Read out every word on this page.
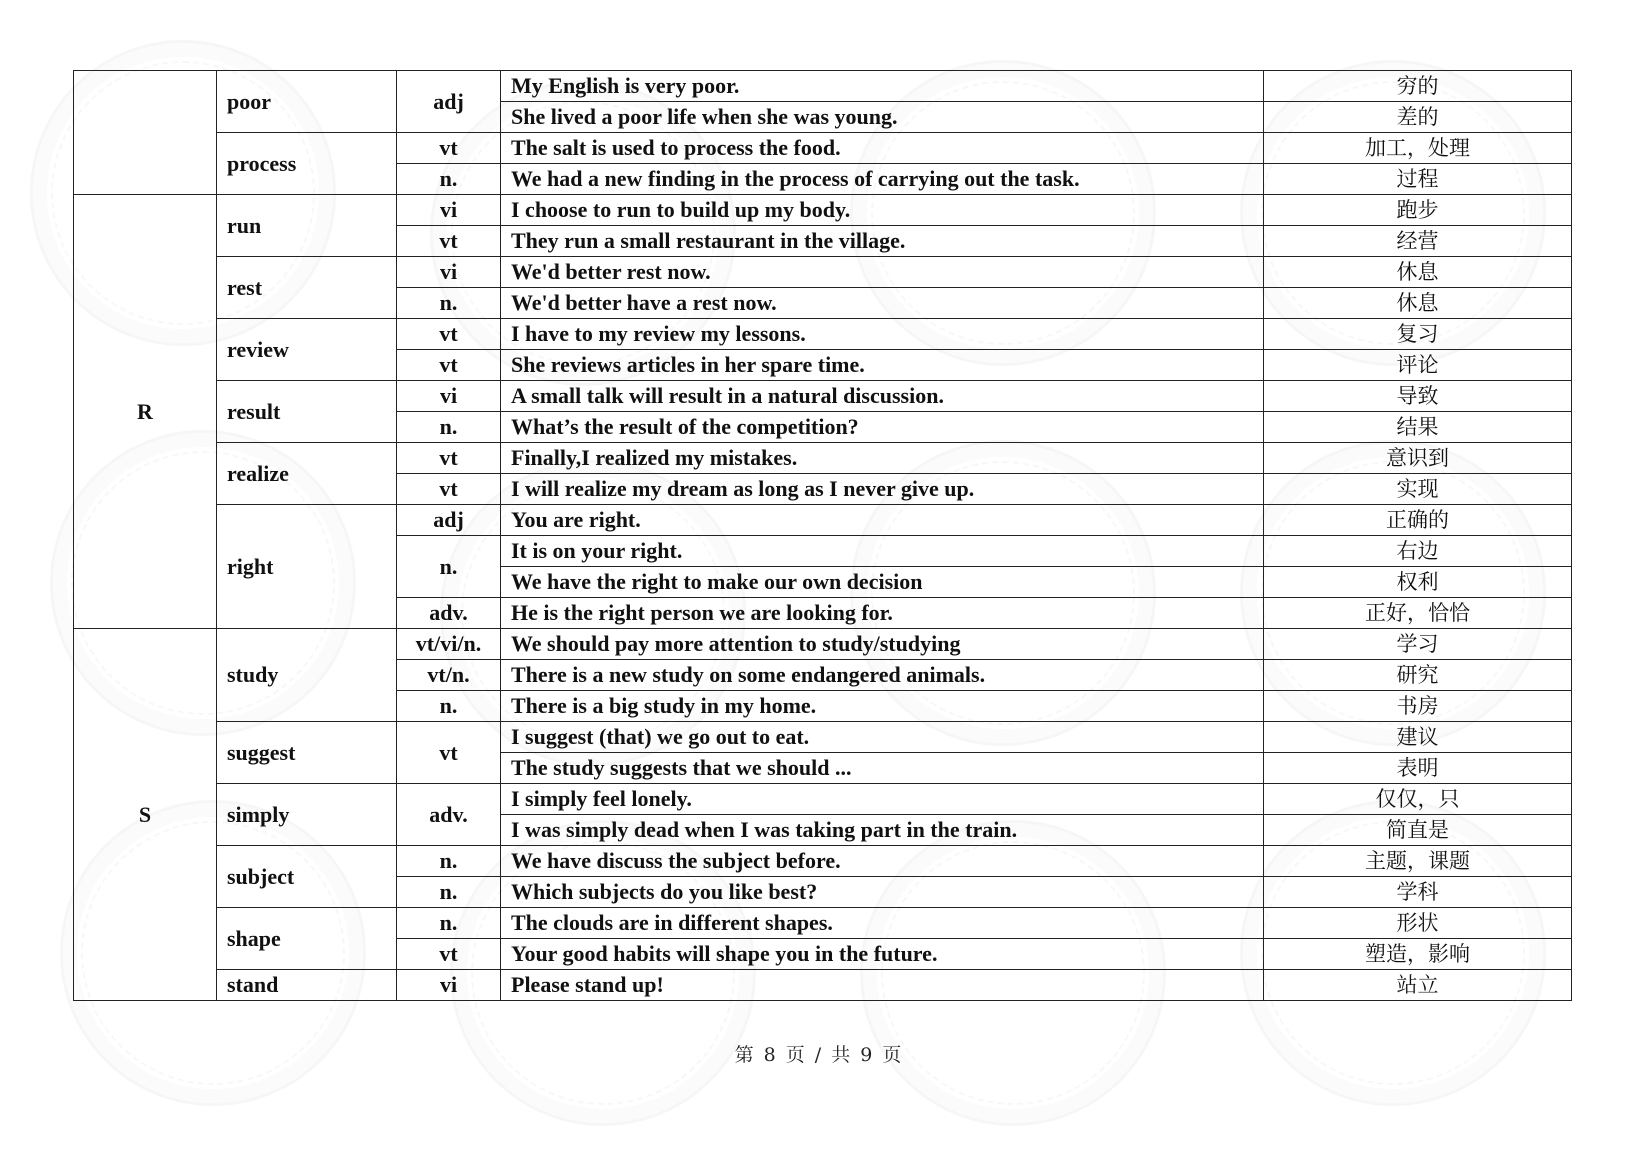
	poor	adj	My English is very poor.	穷的
			She lived a poor life when she was young.	差的
	process	vt	The salt is used to process the food.	加工，处理
		n.	We had a new finding in the process of carrying out the task.	过程
R	run	vi	I choose to run to build up my body.	跑步
		vt	They run a small restaurant in the village.	经营
	rest	vi	We'd better rest now.	休息
		n.	We'd better have a rest now.	休息
	review	vt	I have to my review my lessons.	复习
		vt	She reviews articles in her spare time.	评论
	result	vi	A small talk will result in a natural discussion.	导致
		n.	What’s the result of the competition?	结果
	realize	vt	Finally,I realized my mistakes.	意识到
		vt	I will realize my dream as long as I never give up.	实现
	right	adj	You are right.	正确的
		n.	It is on your right.	右边
			We have the right to make our own decision	权利
		adv.	He is the right person we are looking for.	正好，恰恰
S	study	vt/vi/n.	We should pay more attention to study/studying	学习
		vt/n.	There is a new study on some endangered animals.	研究
		n.	There is a big study in my home.	书房
	suggest	vt	I suggest (that) we go out to eat.	建议
			The study suggests that we should ...	表明
	simply	adv.	I simply feel lonely.	仅仅，只
			I was simply dead when I was taking part in the train.	简直是
	subject	n.	We have discuss the subject before.	主题，课题
		n.	Which subjects do you like best?	学科
	shape	n.	The clouds are in different shapes.	形状
		vt	Your good habits will shape you in the future.	塑造，影响
	stand	vi	Please stand up!	站立
第 8 页 / 共 9 页
